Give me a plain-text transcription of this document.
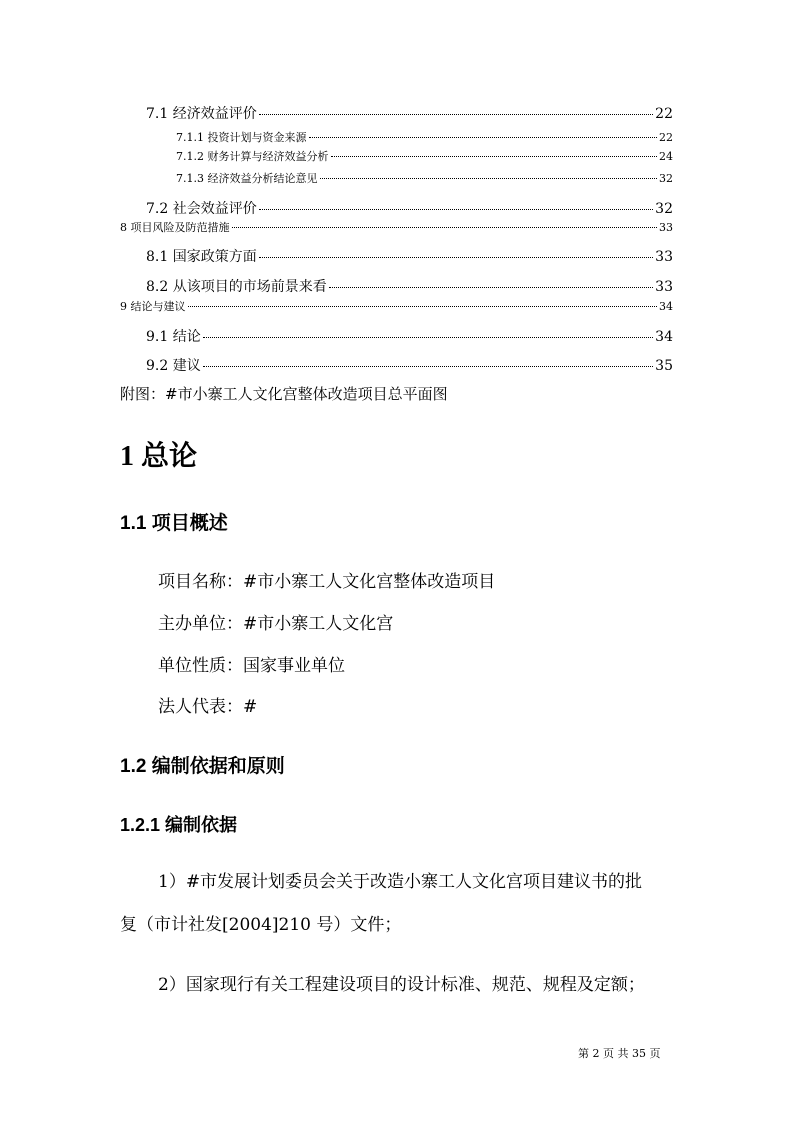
7.1 经济效益评价	22
7.1.1 投资计划与资金来源	22
7.1.2 财务计算与经济效益分析	24
7.1.3 经济效益分析结论意见	32
7.2 社会效益评价	32
8 项目风险及防范措施	33
8.1 国家政策方面	33
8.2 从该项目的市场前景来看	33
9 结论与建议	34
9.1 结论	34
9.2 建议	35
附图：#市小寨工人文化宫整体改造项目总平面图
1 总论
1.1 项目概述
项目名称：#市小寨工人文化宫整体改造项目
主办单位：#市小寨工人文化宫
单位性质：国家事业单位
法人代表：#
1.2 编制依据和原则
1.2.1 编制依据
1）#市发展计划委员会关于改造小寨工人文化宫项目建议书的批
复（市计社发[2004]210 号）文件；
2）国家现行有关工程建设项目的设计标准、规范、规程及定额；
第 2 页 共 35 页
